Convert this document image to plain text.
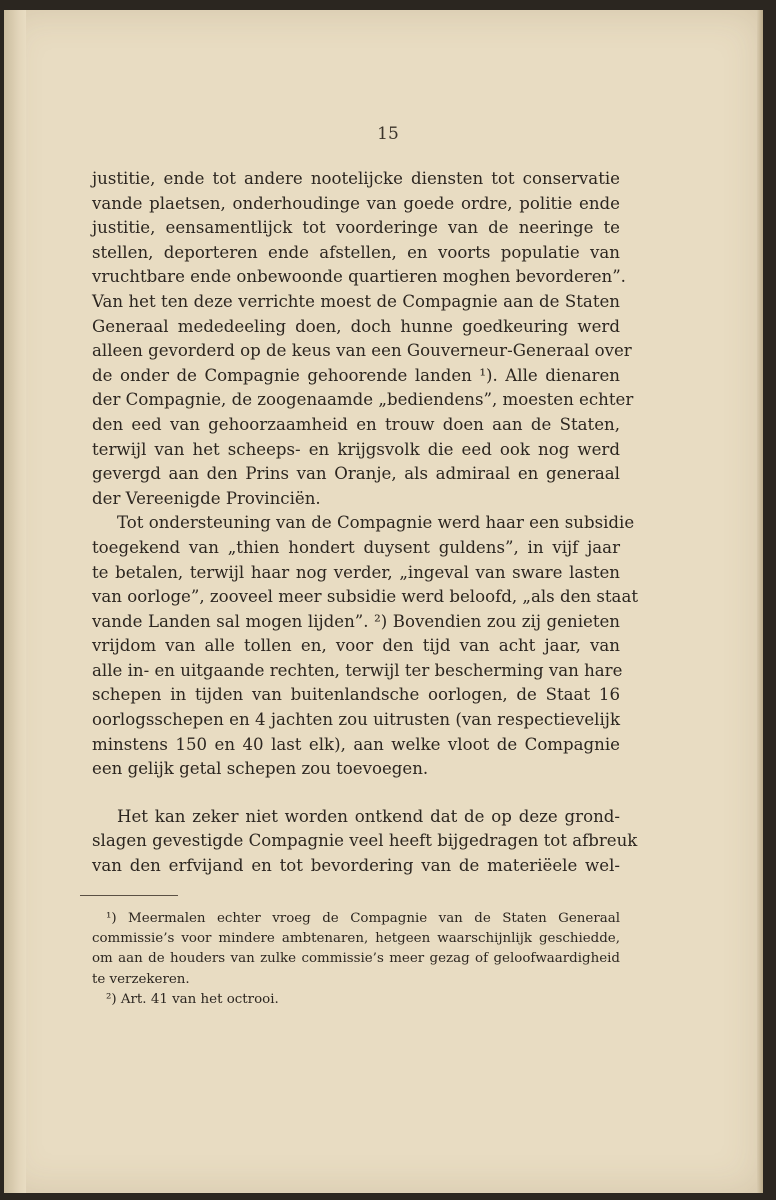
15
justitie, ende tot andere nootelijcke diensten tot conservatie
vande plaetsen, onderhoudinge van goede ordre, politie ende
justitie, eensamentlijck tot voorderinge van de neeringe te
stellen, deporteren ende afstellen, en voorts populatie van
vruchtbare ende onbewoonde quartieren moghen bevorderen”.
Van het ten deze verrichte moest de Compagnie aan de Staten
Generaal mededeeling doen, doch hunne goedkeuring werd
alleen gevorderd op de keus van een Gouverneur-Generaal over
de onder de Compagnie gehoorende landen ¹). Alle dienaren
der Compagnie, de zoogenaamde „bediendens”, moesten echter
den eed van gehoorzaamheid en trouw doen aan de Staten,
terwijl van het scheeps- en krijgsvolk die eed ook nog werd
gevergd aan den Prins van Oranje, als admiraal en generaal
der Vereenigde Provinciën.
Tot ondersteuning van de Compagnie werd haar een subsidie
toegekend van „thien hondert duysent guldens”, in vijf jaar
te betalen, terwijl haar nog verder, „ingeval van sware lasten
van oorloge”, zooveel meer subsidie werd beloofd, „als den staat
vande Landen sal mogen lijden”. ²) Bovendien zou zij genieten
vrijdom van alle tollen en, voor den tijd van acht jaar, van
alle in- en uitgaande rechten, terwijl ter bescherming van hare
schepen in tijden van buitenlandsche oorlogen, de Staat 16
oorlogsschepen en 4 jachten zou uitrusten (van respectievelijk
minstens 150 en 40 last elk), aan welke vloot de Compagnie
een gelijk getal schepen zou toevoegen.
Het kan zeker niet worden ontkend dat de op deze grond-
slagen gevestigde Compagnie veel heeft bijgedragen tot afbreuk
van den erfvijand en tot bevordering van de materiëele wel-
¹) Meermalen echter vroeg de Compagnie van de Staten Generaal
commissie’s voor mindere ambtenaren, hetgeen waarschijnlijk geschiedde,
om aan de houders van zulke commissie’s meer gezag of geloofwaardigheid
te verzekeren.
²) Art. 41 van het octrooi.
